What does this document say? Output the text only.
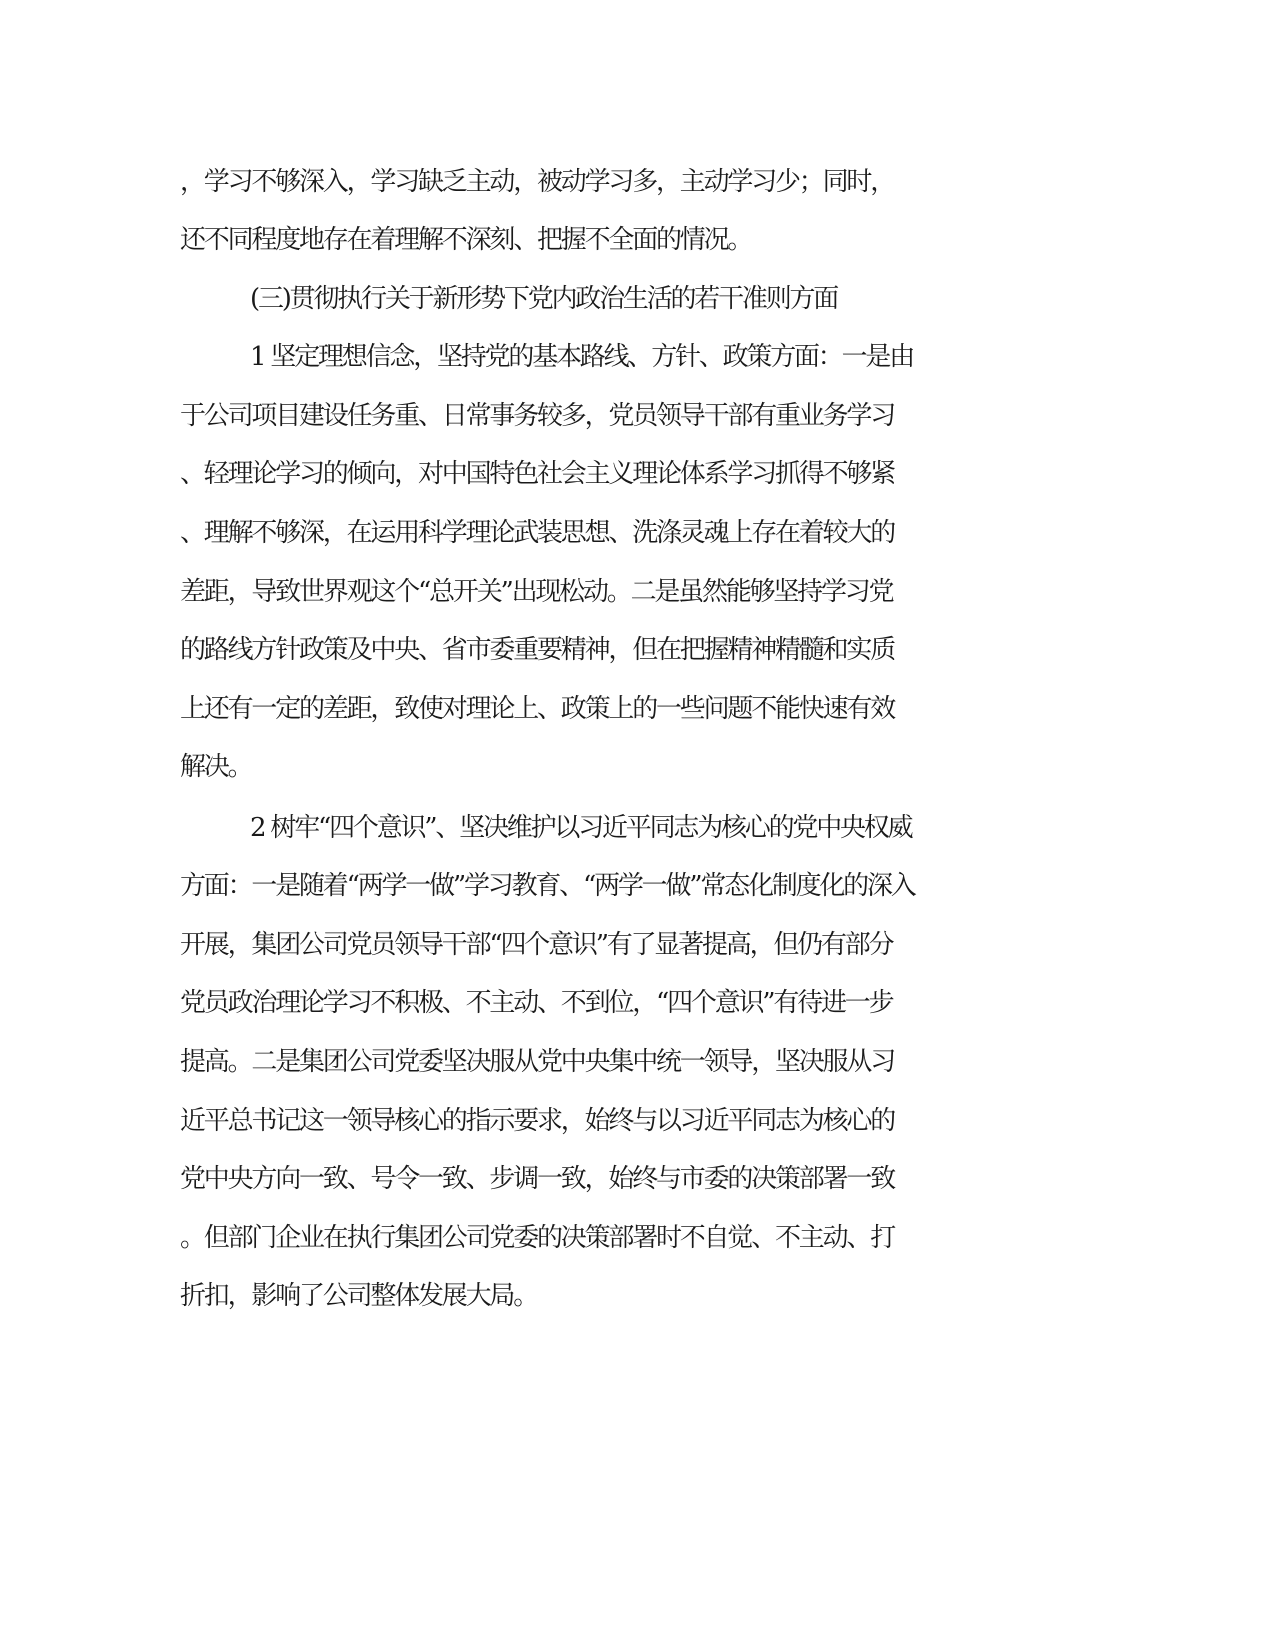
，学习不够深入，学习缺乏主动，被动学习多，主动学习少；同时，
还不同程度地存在着理解不深刻、把握不全面的情况。
(三)贯彻执行关于新形势下党内政治生活的若干准则方面
1 坚定理想信念，坚持党的基本路线、方针、政策方面：一是由
于公司项目建设任务重、日常事务较多，党员领导干部有重业务学习
、轻理论学习的倾向，对中国特色社会主义理论体系学习抓得不够紧
、理解不够深，在运用科学理论武装思想、洗涤灵魂上存在着较大的
差距，导致世界观这个“总开关”出现松动。二是虽然能够坚持学习党
的路线方针政策及中央、省市委重要精神，但在把握精神精髓和实质
上还有一定的差距，致使对理论上、政策上的一些问题不能快速有效
解决。
2 树牢“四个意识”、坚决维护以习近平同志为核心的党中央权威
方面：一是随着“两学一做”学习教育、“两学一做”常态化制度化的深入
开展，集团公司党员领导干部“四个意识”有了显著提高，但仍有部分
党员政治理论学习不积极、不主动、不到位，“四个意识”有待进一步
提高。二是集团公司党委坚决服从党中央集中统一领导，坚决服从习
近平总书记这一领导核心的指示要求，始终与以习近平同志为核心的
党中央方向一致、号令一致、步调一致，始终与市委的决策部署一致
。但部门企业在执行集团公司党委的决策部署时不自觉、不主动、打
折扣，影响了公司整体发展大局。
